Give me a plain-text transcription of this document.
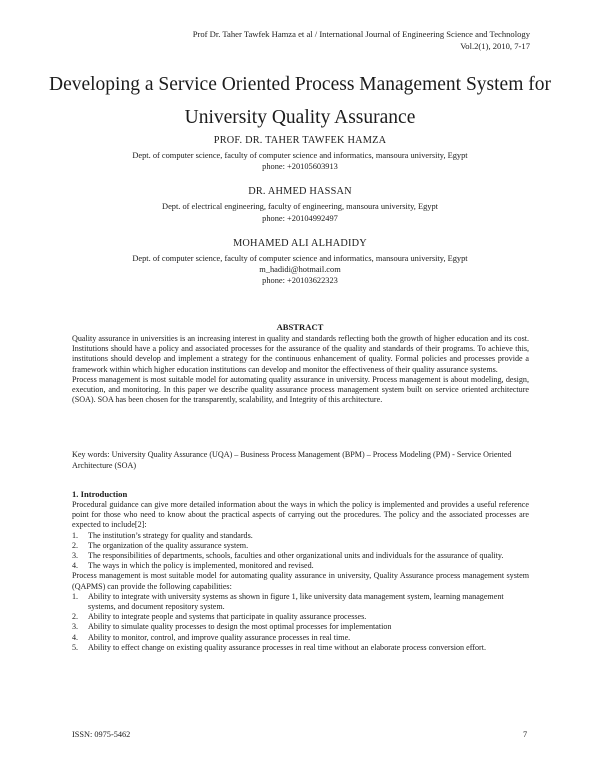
Prof Dr. Taher Tawfek Hamza et al / International Journal of Engineering Science and Technology
Vol.2(1), 2010, 7-17
Developing a Service Oriented Process Management System for
University Quality Assurance
PROF. DR. TAHER TAWFEK HAMZA
Dept. of computer science, faculty of computer science and informatics, mansoura university, Egypt
phone: +20105603913
DR. AHMED HASSAN
Dept. of electrical engineering, faculty of engineering, mansoura university, Egypt
phone: +20104992497
MOHAMED ALI ALHADIDY
Dept. of computer science, faculty of computer science and informatics, mansoura university, Egypt
m_hadidi@hotmail.com
phone: +20103622323
ABSTRACT

Quality assurance in universities is an increasing interest in quality and standards reflecting both the growth of higher education and its cost. Institutions should have a policy and associated processes for the assurance of the quality and standards of their programs. To achieve this, institutions should develop and implement a strategy for the continuous enhancement of quality. Formal policies and processes provide a framework within which higher education institutions can develop and monitor the effectiveness of their quality assurance systems.

Process management is most suitable model for automating quality assurance in university. Process management is about modeling, design, execution, and monitoring. In this paper we describe quality assurance process management system built on service oriented architecture (SOA). SOA has been chosen for the transparently, scalability, and Integrity of this architecture.

Key words: University Quality Assurance (UQA) – Business Process Management (BPM) – Process Modeling (PM) - Service Oriented Architecture (SOA)
1. Introduction

Procedural guidance can give more detailed information about the ways in which the policy is implemented and provides a useful reference point for those who need to know about the practical aspects of carrying out the procedures. The policy and the associated processes are expected to include[2]:

1. The institution’s strategy for quality and standards.
2. The organization of the quality assurance system.
3. The responsibilities of departments, schools, faculties and other organizational units and individuals for the assurance of quality.
4. The ways in which the policy is implemented, monitored and revised.

Process management is most suitable model for automating quality assurance in university, Quality Assurance process management system (QAPMS) can provide the following capabilities:

1. Ability to integrate with university systems as shown in figure 1, like university data management system, learning management systems, and document repository system.
2. Ability to integrate people and systems that participate in quality assurance processes.
3. Ability to simulate quality processes to design the most optimal processes for implementation
4. Ability to monitor, control, and improve quality assurance processes in real time.
5. Ability to effect change on existing quality assurance processes in real time without an elaborate process conversion effort.
ISSN: 0975-5462	7
